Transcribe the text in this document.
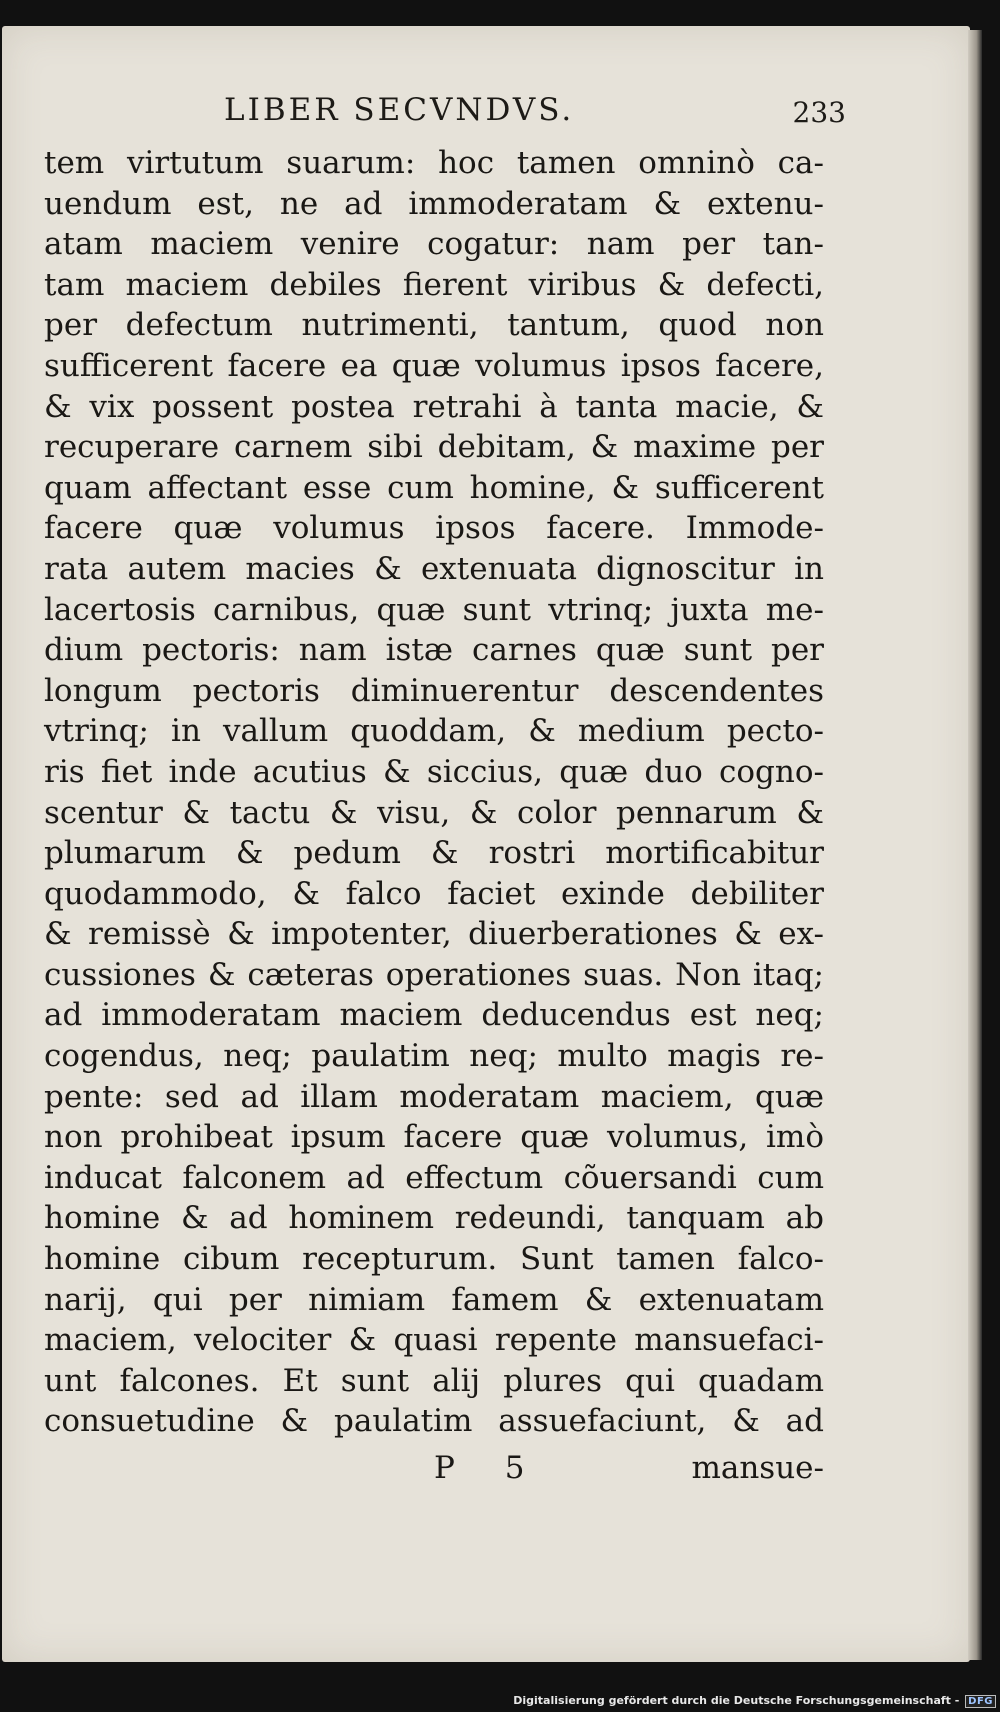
LIBER SECVNDVS.	233
tem virtutum suarum: hoc tamen omninò ca-
uendum est, ne ad immoderatam & extenu-
atam maciem venire cogatur: nam per tan-
tam maciem debiles fierent viribus & defecti,
per defectum nutrimenti, tantum, quod non
sufficerent facere ea quæ volumus ipsos facere,
& vix possent postea retrahi à tanta macie, &
recuperare carnem sibi debitam, & maxime per
quam affectant esse cum homine, & sufficerent
facere quæ volumus ipsos facere. Immode-
rata autem macies & extenuata dignoscitur in
lacertosis carnibus, quæ sunt vtrinq; juxta me-
dium pectoris: nam istæ carnes quæ sunt per
longum pectoris diminuerentur descendentes
vtrinq; in vallum quoddam, & medium pecto-
ris fiet inde acutius & siccius, quæ duo cogno-
scentur & tactu & visu, & color pennarum &
plumarum & pedum & rostri mortificabitur
quodammodo, & falco faciet exinde debiliter
& remissè & impotenter, diuerberationes & ex-
cussiones & cæteras operationes suas. Non itaq;
ad immoderatam maciem deducendus est neq;
cogendus, neq; paulatim neq; multo magis re-
pente: sed ad illam moderatam maciem, quæ
non prohibeat ipsum facere quæ volumus, imò
inducat falconem ad effectum cõuersandi cum
homine & ad hominem redeundi, tanquam ab
homine cibum recepturum. Sunt tamen falco-
narij, qui per nimiam famem & extenuatam
maciem, velociter & quasi repente mansuefaci-
unt falcones. Et sunt alij plures qui quadam
consuetudine & paulatim assuefaciunt, & ad
P 5	mansue-
Digitalisierung gefördert durch die Deutsche Forschungsgemeinschaft - DFG
